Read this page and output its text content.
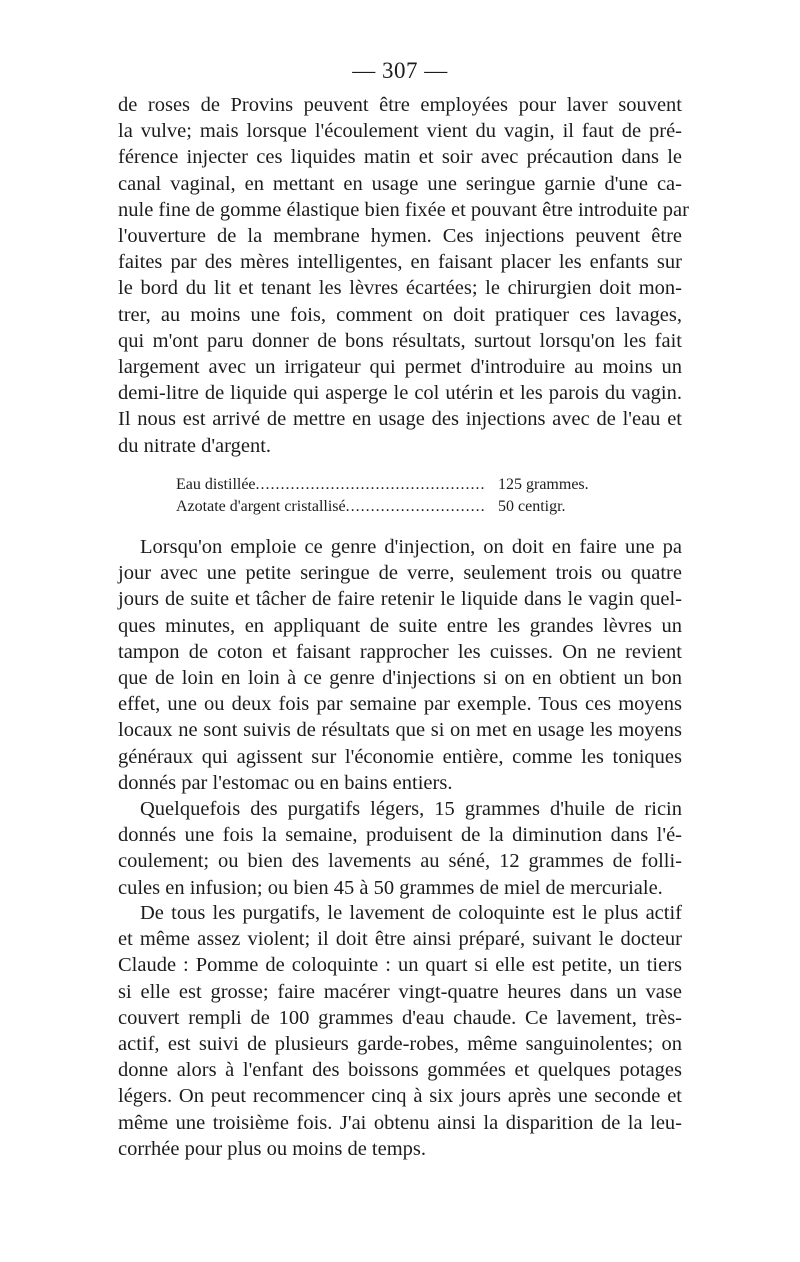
— 307 —

de roses de Provins peuvent être employées pour laver souvent
la vulve; mais lorsque l'écoulement vient du vagin, il faut de pré-
férence injecter ces liquides matin et soir avec précaution dans le
canal vaginal, en mettant en usage une seringue garnie d'une ca-
nule fine de gomme élastique bien fixée et pouvant être introduite par
l'ouverture de la membrane hymen. Ces injections peuvent être
faites par des mères intelligentes, en faisant placer les enfants sur
le bord du lit et tenant les lèvres écartées; le chirurgien doit mon-
trer, au moins une fois, comment on doit pratiquer ces lavages,
qui m'ont paru donner de bons résultats, surtout lorsqu'on les fait
largement avec un irrigateur qui permet d'introduire au moins un
demi-litre de liquide qui asperge le col utérin et les parois du vagin.
Il nous est arrivé de mettre en usage des injections avec de l'eau et
du nitrate d'argent.

Eau distillée .....	125 grammes.
Azotate d'argent cristallisé .....	50 centigr.

Lorsqu'on emploie ce genre d'injection, on doit en faire une pa
jour avec une petite seringue de verre, seulement trois ou quatre
jours de suite et tâcher de faire retenir le liquide dans le vagin quel-
ques minutes, en appliquant de suite entre les grandes lèvres un
tampon de coton et faisant rapprocher les cuisses. On ne revient
que de loin en loin à ce genre d'injections si on en obtient un bon
effet, une ou deux fois par semaine par exemple. Tous ces moyens
locaux ne sont suivis de résultats que si on met en usage les moyens
généraux qui agissent sur l'économie entière, comme les toniques
donnés par l'estomac ou en bains entiers.

Quelquefois des purgatifs légers, 15 grammes d'huile de ricin
donnés une fois la semaine, produisent de la diminution dans l'é-
coulement; ou bien des lavements au séné, 12 grammes de folli-
cules en infusion; ou bien 45 à 50 grammes de miel de mercuriale.

De tous les purgatifs, le lavement de coloquinte est le plus actif
et même assez violent; il doit être ainsi préparé, suivant le docteur
Claude : Pomme de coloquinte : un quart si elle est petite, un tiers
si elle est grosse; faire macérer vingt-quatre heures dans un vase
couvert rempli de 100 grammes d'eau chaude. Ce lavement, très-
actif, est suivi de plusieurs garde-robes, même sanguinolentes; on
donne alors à l'enfant des boissons gommées et quelques potages
légers. On peut recommencer cinq à six jours après une seconde et
même une troisième fois. J'ai obtenu ainsi la disparition de la leu-
corrhée pour plus ou moins de temps.
